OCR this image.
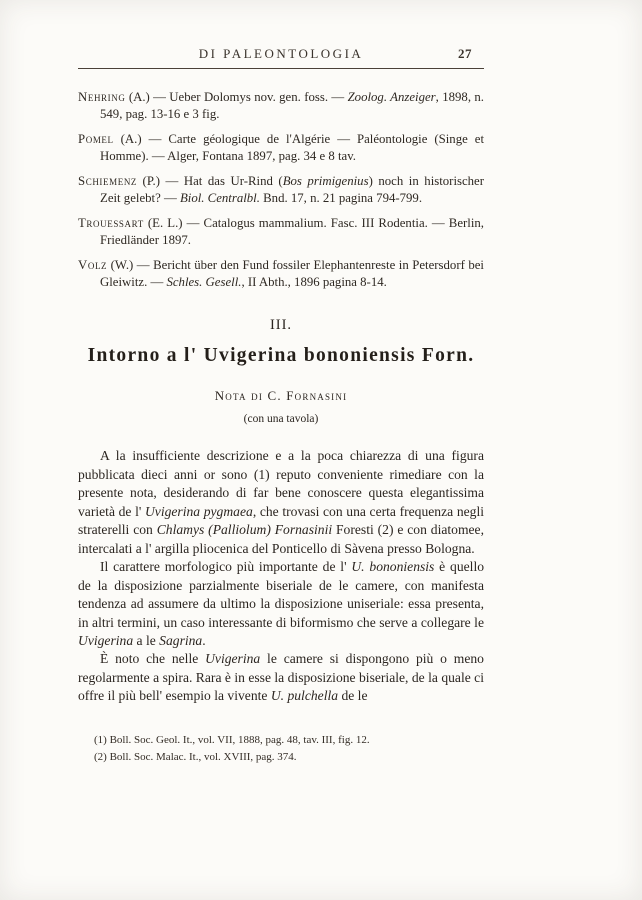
DI PALEONTOLOGIA	27

Nehring (A.) — Ueber Dolomys nov. gen. foss. — Zoolog. Anzeiger, 1898, n. 549, pag. 13-16 e 3 fig.

Pomel (A.) — Carte géologique de l'Algérie — Paléontologie (Singe et Homme). — Alger, Fontana 1897, pag. 34 e 8 tav.

Schiemenz (P.) — Hat das Ur-Rind (Bos primigenius) noch in historischer Zeit gelebt? — Biol. Centralbl. Bnd. 17, n. 21 pagina 794-799.

Trouessart (E. L.) — Catalogus mammalium. Fasc. III Rodentia. — Berlin, Friedländer 1897.

Volz (W.) — Bericht über den Fund fossiler Elephantenreste in Petersdorf bei Gleiwitz. — Schles. Gesell., II Abth., 1896 pagina 8-14.

III.
Intorno a l' Uvigerina bononiensis Forn.
Nota di C. Fornasini
(con una tavola)

A la insufficiente descrizione e a la poca chiarezza di una figura pubblicata dieci anni or sono (1) reputo conveniente rimediare con la presente nota, desiderando di far bene conoscere questa elegantissima varietà de l' Uvigerina pygmaea, che trovasi con una certa frequenza negli straterelli con Chlamys (Palliolum) Fornasinii Foresti (2) e con diatomee, intercalati a l' argilla pliocenica del Ponticello di Sàvena presso Bologna.

Il carattere morfologico più importante de l' U. bononiensis è quello de la disposizione parzialmente biseriale de le camere, con manifesta tendenza ad assumere da ultimo la disposizione uniseriale: essa presenta, in altri termini, un caso interessante di biformismo che serve a collegare le Uvigerina a le Sagrina.

È noto che nelle Uvigerina le camere si dispongono più o meno regolarmente a spira. Rara è in esse la disposizione biseriale, de la quale ci offre il più bell' esempio la vivente U. pulchella de le

(1) Boll. Soc. Geol. It., vol. VII, 1888, pag. 48, tav. III, fig. 12.
(2) Boll. Soc. Malac. It., vol. XVIII, pag. 374.
